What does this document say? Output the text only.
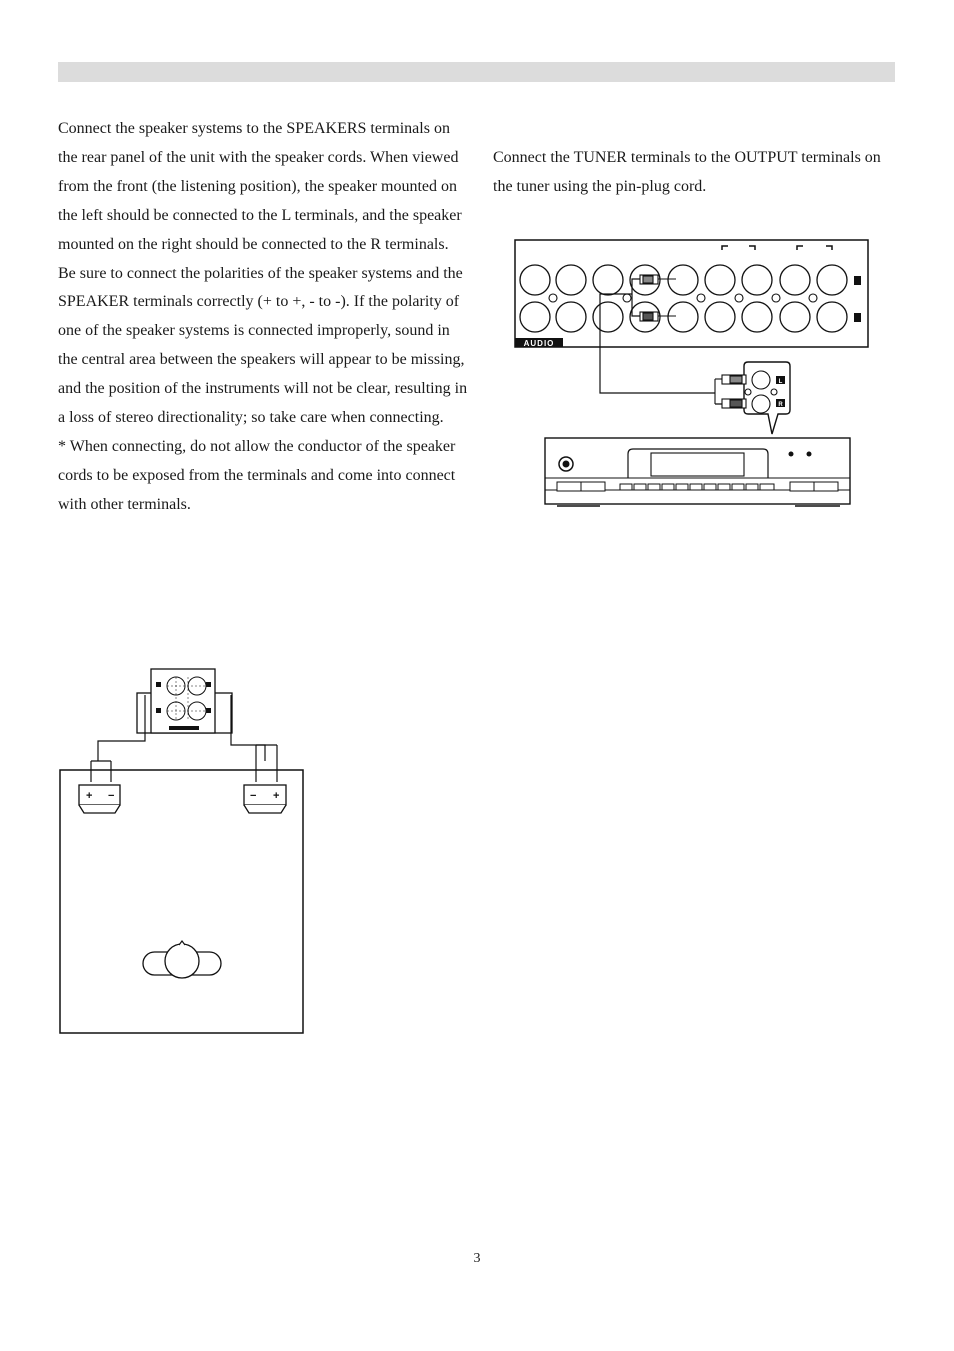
Connect the speaker systems to the SPEAKERS terminals on the rear panel of the unit with the speaker cords. When viewed from the front (the listening position), the speaker mounted on the left should be connected to the L terminals, and the speaker mounted on the right should be connected to the R terminals. Be sure to connect the polarities of the speaker systems and the SPEAKER terminals correctly (+ to +, - to -). If the polarity of one of the speaker systems is connected improperly, sound in the central area between the speakers will appear to be missing, and the position of the instruments will not be clear, resulting in a loss of stereo directionality; so take care when connecting.

* When connecting, do not allow the conductor of the speaker cords to be exposed from the terminals and come into connect with other terminals.

Connect the TUNER terminals to the OUTPUT terminals on the tuner using the pin-plug cord.

AUDIO
L
R
+ −	− +
3
